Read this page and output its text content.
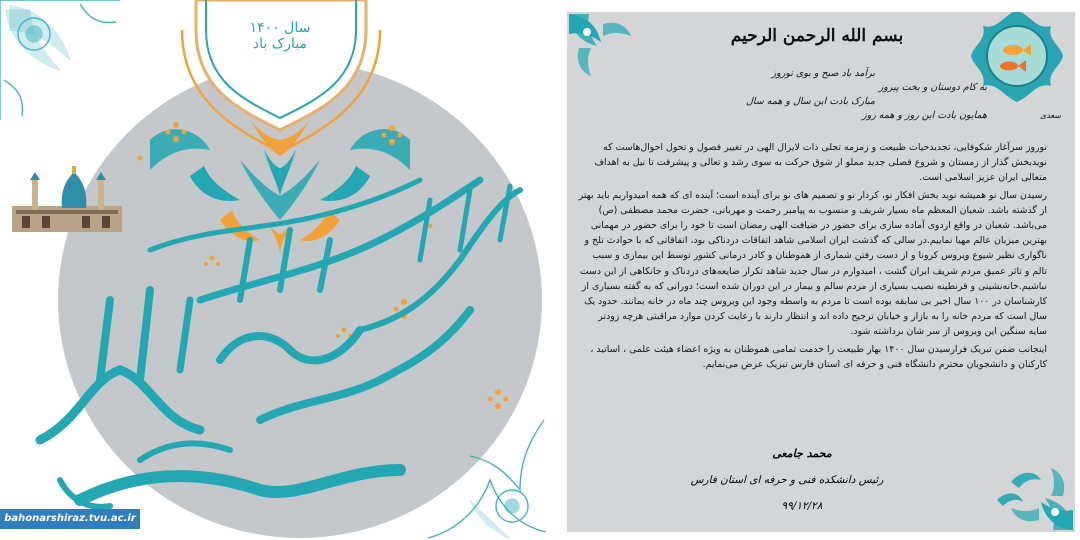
سال ۱۴۰۰ مبارک باد
bahonarshiraz.tvu.ac.ir
بسم الله الرحمن الرحیم
برآمد باد صبح و بوی نوروز
به کام دوستان و بخت پیروز
مبارک بادت این سال و همه سال
همایون بادت این روز و همه روز	سعدی

نوروز سرآغاز شکوفایی، تجدیدحیات طبیعت و زمزمه تجلی ذات لایزال الهی در تغییر فصول و تحول احوال‌هاست که نویدبخش گذار از زمستان و شروع فصلی جدید مملو از شوق حرکت به سوی رشد و تعالی و پیشرفت تا نیل به اهداف متعالی ایران عزیز اسلامی است.

رسیدن سال نو همیشه نوید بخش افکار نو، کردار نو و تصمیم های نو برای آینده است؛ آینده ای که همه امیدواریم باید بهتر از گذشته باشد. شعبان المعظم ماه بسیار شریف و منسوب به پیامبر رحمت و مهربانی، حضرت محمد مصطفی (ص) می‌باشد. شعبان در واقع اردوی آماده سازی برای حضور در ضیافت الهی رمضان است تا خود را برای حضور در مهمانی بهترین میزبان عالم مهیا نماییم.در سالی که گذشت ایران اسلامی شاهد اتفاقات دردناکی بود، اتفاقاتی که با حوادث تلخ و ناگواری نظیر شیوع ویروس کرونا و از دست رفتن شماری از هموطنان و کادر درمانی کشور توسط این بیماری و سبب تالم و تاثر عمیق مردم شریف ایران گشت ، امیدوارم در سال جدید شاهد تکرار ضایعه‌های دردناک و جانکاهی از این دست نباشیم.خانه‌نشینی و قرنطینه نصیب بسیاری از مردم سالم و بیمار در این دوران شده است؛ دورانی که به گفته بسیاری از کارشناسان در ۱۰۰ سال اخیر بی سابقه بوده است تا مردم به واسطه وجود این ویروس چند ماه در خانه بمانند. حدود یک سال است که مردم خانه را به بازار و خیابان ترجیح داده اند و انتظار دارند با رعایت کردن موارد مراقبتی هرچه زودتر سایه سنگین این ویروس از سر شان برداشته شود.

اینجانب ضمن تبریک فرارسیدن سال ۱۴۰۰ بهار طبیعت را خدمت تمامی هموطنان به ویژه اعضاء هیئت علمی ، اساتید ، کارکنان و دانشجویان محترم دانشگاه فنی و حرفه ای استان فارس تبریک عرض می‌نمایم.

محمد جامعی
رئیس دانشکده فنی و حرفه ای استان فارس
۹۹/۱۲/۲۸
